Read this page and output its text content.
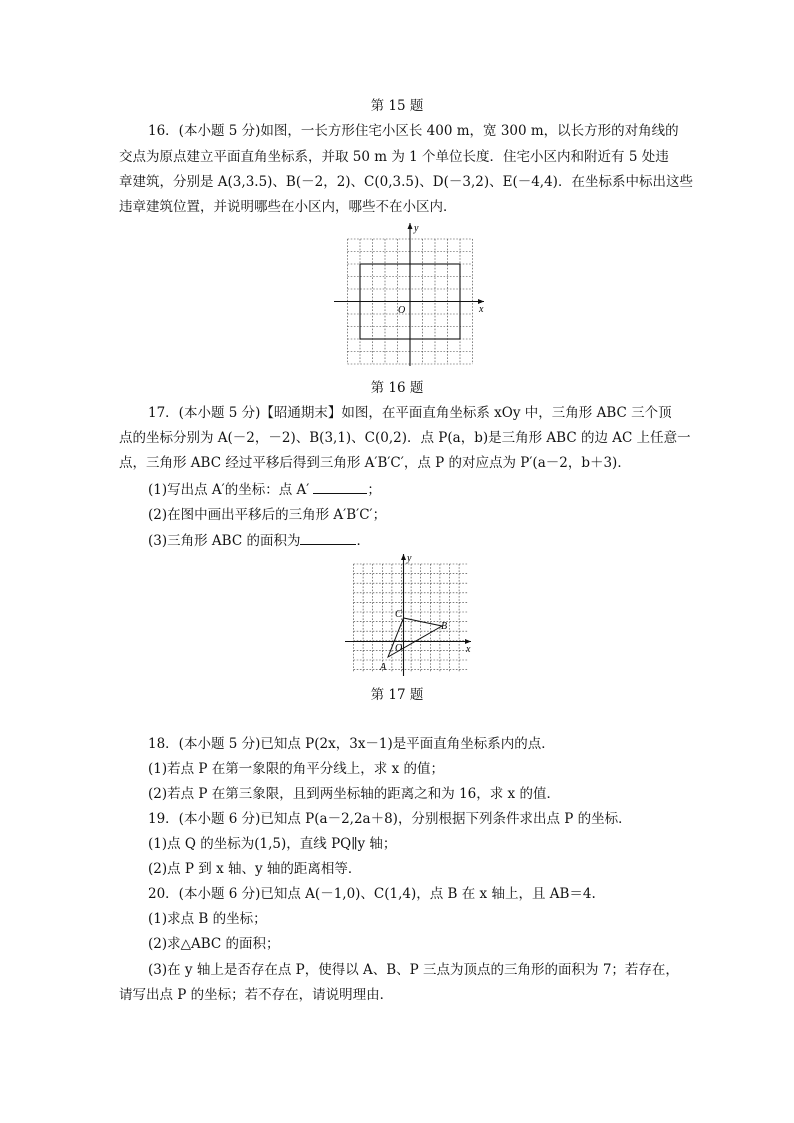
第 15 题
16．(本小题 5 分)如图，一长方形住宅小区长 400 m，宽 300 m，以长方形的对角线的
交点为原点建立平面直角坐标系，并取 50 m 为 1 个单位长度．住宅小区内和附近有 5 处违
章建筑，分别是 A(3,3.5)、B(－2，2)、C(0,3.5)、D(－3,2)、E(－4,4)．在坐标系中标出这些
违章建筑位置，并说明哪些在小区内，哪些不在小区内．
y
x
O
第 16 题
17．(本小题 5 分)【昭通期末】如图，在平面直角坐标系 xOy 中，三角形 ABC 三个顶
点的坐标分别为 A(－2，－2)、B(3,1)、C(0,2)．点 P(a，b)是三角形 ABC 的边 AC 上任意一
点，三角形 ABC 经过平移后得到三角形 A′B′C′，点 P 的对应点为 P′(a－2，b＋3)．
(1)写出点 A′的坐标：点 A′	；
(2)在图中画出平移后的三角形 A′B′C′；
(3)三角形 ABC 的面积为	．
y
x
O
A
B
C
第 17 题
18．(本小题 5 分)已知点 P(2x，3x－1)是平面直角坐标系内的点．
(1)若点 P 在第一象限的角平分线上，求 x 的值；
(2)若点 P 在第三象限，且到两坐标轴的距离之和为 16，求 x 的值．
19．(本小题 6 分)已知点 P(a－2,2a＋8)，分别根据下列条件求出点 P 的坐标．
(1)点 Q 的坐标为(1,5)，直线 PQ∥y 轴；
(2)点 P 到 x 轴、y 轴的距离相等．
20．(本小题 6 分)已知点 A(－1,0)、C(1,4)，点 B 在 x 轴上，且 AB＝4.
(1)求点 B 的坐标；
(2)求△ABC 的面积；
(3)在 y 轴上是否存在点 P，使得以 A、B、P 三点为顶点的三角形的面积为 7；若存在，
请写出点 P 的坐标；若不存在，请说明理由．
